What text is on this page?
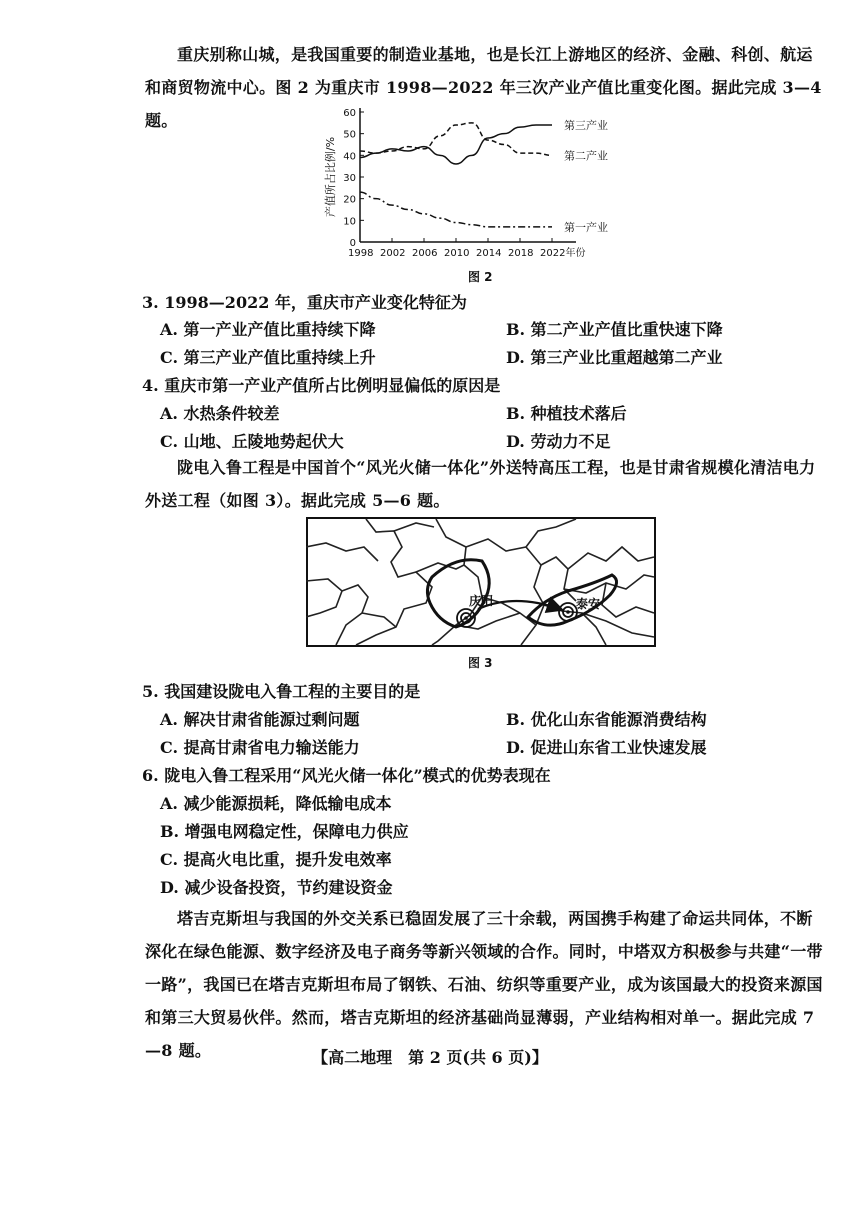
重庆别称山城，是我国重要的制造业基地，也是长江上游地区的经济、金融、科创、航运和商贸物流中心。图 2 为重庆市 1998—2022 年三次产业产值比重变化图。据此完成 3—4 题。
0
10
20
30
40
50
60
1998 2002 2006 2010 2014 2018 2022年份
产值所占比例/%
第三产业
第二产业
第一产业
图 2
3. 1998—2022 年，重庆市产业变化特征为
A. 第一产业产值比重持续下降	B. 第二产业产值比重快速下降
C. 第三产业产值比重持续上升	D. 第三产业比重超越第二产业
4. 重庆市第一产业产值所占比例明显偏低的原因是
A. 水热条件较差	B. 种植技术落后
C. 山地、丘陵地势起伏大	D. 劳动力不足
陇电入鲁工程是中国首个“风光火储一体化”外送特高压工程，也是甘肃省规模化清洁电力外送工程（如图 3）。据此完成 5—6 题。
庆阳	泰安
图 3
5. 我国建设陇电入鲁工程的主要目的是
A. 解决甘肃省能源过剩问题	B. 优化山东省能源消费结构
C. 提高甘肃省电力输送能力	D. 促进山东省工业快速发展
6. 陇电入鲁工程采用“风光火储一体化”模式的优势表现在
A. 减少能源损耗，降低输电成本
B. 增强电网稳定性，保障电力供应
C. 提高火电比重，提升发电效率
D. 减少设备投资，节约建设资金
塔吉克斯坦与我国的外交关系已稳固发展了三十余载，两国携手构建了命运共同体，不断深化在绿色能源、数字经济及电子商务等新兴领域的合作。同时，中塔双方积极参与共建“一带一路”，我国已在塔吉克斯坦布局了钢铁、石油、纺织等重要产业，成为该国最大的投资来源国和第三大贸易伙伴。然而，塔吉克斯坦的经济基础尚显薄弱，产业结构相对单一。据此完成 7—8 题。	【高二地理　第 2 页(共 6 页)】
